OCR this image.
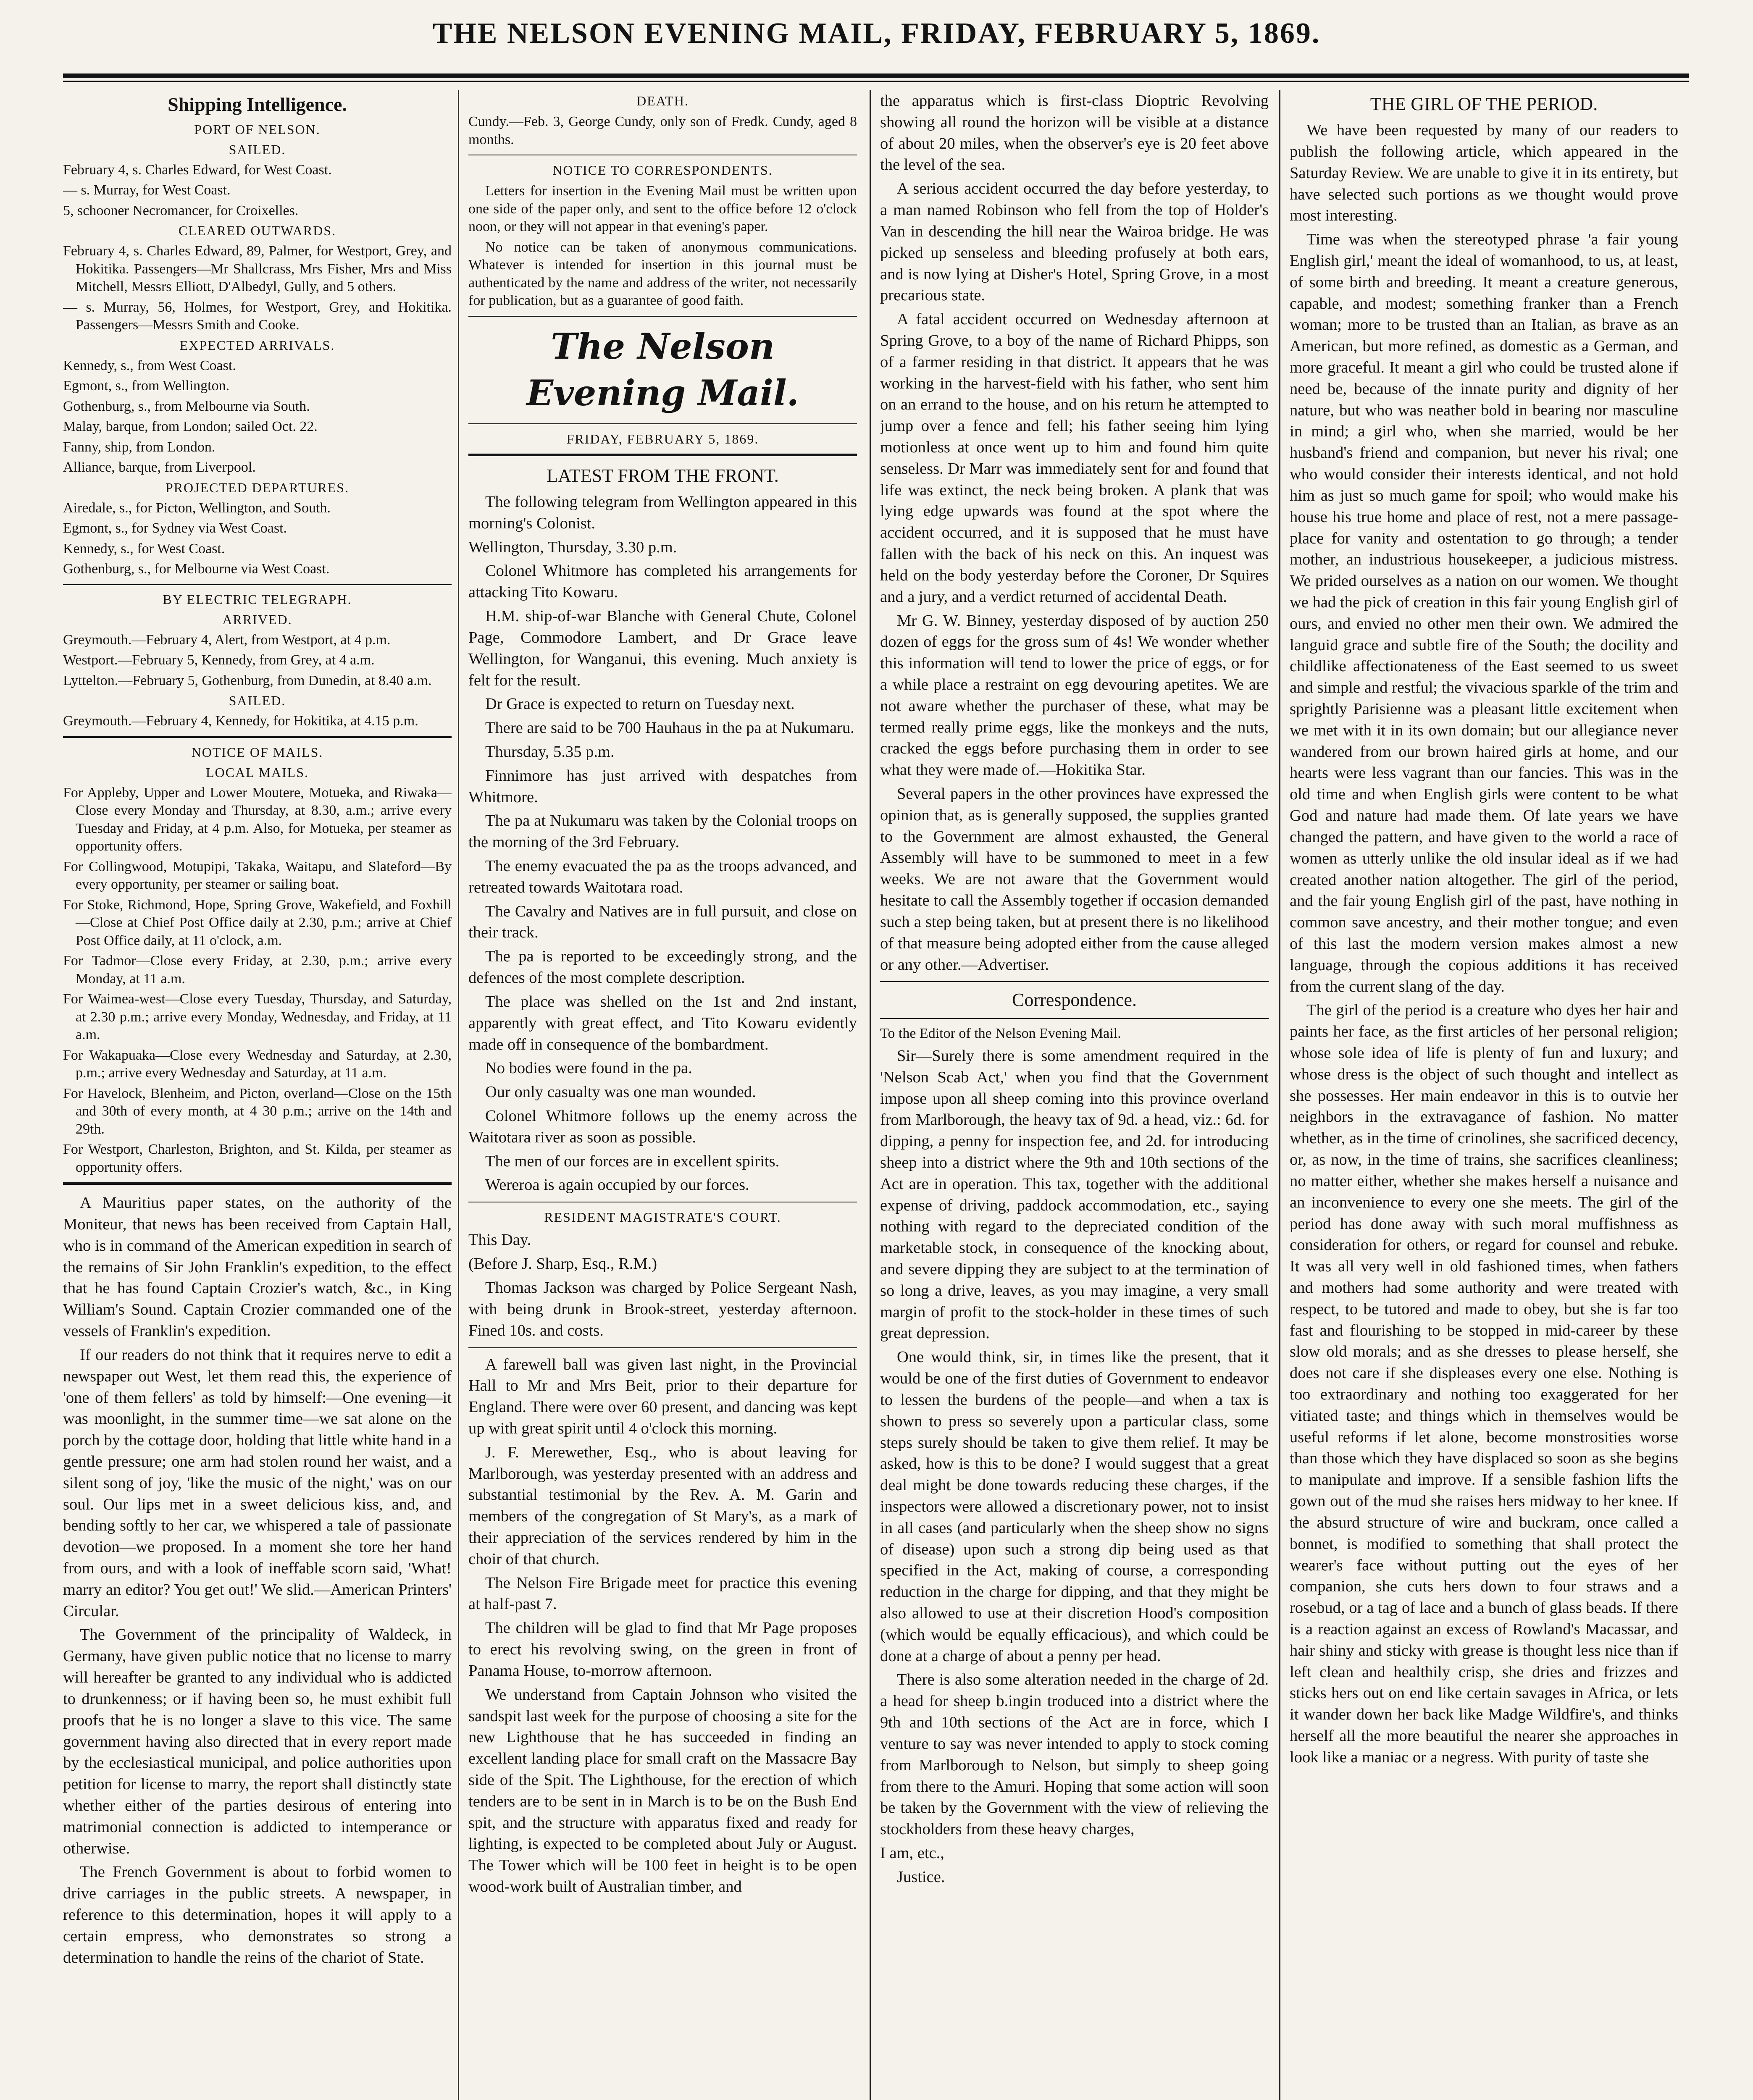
THE NELSON EVENING MAIL, FRIDAY, FEBRUARY 5, 1869.
Shipping Intelligence.
PORT OF NELSON.
SAILED.
February 4, s. Charles Edward, for West Coast.
— s. Murray, for West Coast.
5, schooner Necromancer, for Croixelles.
CLEARED OUTWARDS.
February 4, s. Charles Edward, 89, Palmer, for Westport, Grey, and Hokitika. Passengers—Mr Shallcrass, Mrs Fisher, Mrs and Miss Mitchell, Messrs Elliott, D'Albedyl, Gully, and 5 others.
— s. Murray, 56, Holmes, for Westport, Grey, and Hokitika. Passengers—Messrs Smith and Cooke.
EXPECTED ARRIVALS.
Kennedy, s., from West Coast.
Egmont, s., from Wellington.
Gothenburg, s., from Melbourne via South.
Malay, barque, from London; sailed Oct. 22.
Fanny, ship, from London.
Alliance, barque, from Liverpool.
PROJECTED DEPARTURES.
Airedale, s., for Picton, Wellington, and South.
Egmont, s., for Sydney via West Coast.
Kennedy, s., for West Coast.
Gothenburg, s., for Melbourne via West Coast.
BY ELECTRIC TELEGRAPH.
ARRIVED.
Greymouth.—February 4, Alert, from Westport, at 4 p.m.
Westport.—February 5, Kennedy, from Grey, at 4 a.m.
Lyttelton.—February 5, Gothenburg, from Dunedin, at 8.40 a.m.
SAILED.
Greymouth.—February 4, Kennedy, for Hokitika, at 4.15 p.m.
NOTICE OF MAILS.
LOCAL MAILS.
For Appleby, Upper and Lower Moutere, Motueka, and Riwaka—Close every Monday and Thursday, at 8.30, a.m.; arrive every Tuesday and Friday, at 4 p.m. Also, for Motueka, per steamer as opportunity offers.
For Collingwood, Motupipi, Takaka, Waitapu, and Slateford—By every opportunity, per steamer or sailing boat.
For Stoke, Richmond, Hope, Spring Grove, Wakefield, and Foxhill—Close at Chief Post Office daily at 2.30, p.m.; arrive at Chief Post Office daily, at 11 o'clock, a.m.
For Tadmor—Close every Friday, at 2.30, p.m.; arrive every Monday, at 11 a.m.
For Waimea-west—Close every Tuesday, Thursday, and Saturday, at 2.30 p.m.; arrive every Monday, Wednesday, and Friday, at 11 a.m.
For Wakapuaka—Close every Wednesday and Saturday, at 2.30, p.m.; arrive every Wednesday and Saturday, at 11 a.m.
For Havelock, Blenheim, and Picton, overland—Close on the 15th and 30th of every month, at 4 30 p.m.; arrive on the 14th and 29th.
For Westport, Charleston, Brighton, and St. Kilda, per steamer as opportunity offers.

A Mauritius paper states, on the authority of the Moniteur, that news has been received from Captain Hall, who is in command of the American expedition in search of the remains of Sir John Franklin's expedition, to the effect that he has found Captain Crozier's watch, &c., in King William's Sound. Captain Crozier commanded one of the vessels of Franklin's expedition.

If our readers do not think that it requires nerve to edit a newspaper out West, let them read this, the experience of 'one of them fellers' as told by himself:—One evening—it was moonlight, in the summer time—we sat alone on the porch by the cottage door, holding that little white hand in a gentle pressure; one arm had stolen round her waist, and a silent song of joy, 'like the music of the night,' was on our soul. Our lips met in a sweet delicious kiss, and, and bending softly to her car, we whispered a tale of passionate devotion—we proposed. In a moment she tore her hand from ours, and with a look of ineffable scorn said, 'What! marry an editor? You get out!' We slid.—American Printers' Circular.

The Government of the principality of Waldeck, in Germany, have given public notice that no license to marry will hereafter be granted to any individual who is addicted to drunkenness; or if having been so, he must exhibit full proofs that he is no longer a slave to this vice. The same government having also directed that in every report made by the ecclesiastical municipal, and police authorities upon petition for license to marry, the report shall distinctly state whether either of the parties desirous of entering into matrimonial connection is addicted to intemperance or otherwise.

The French Government is about to forbid women to drive carriages in the public streets. A newspaper, in reference to this determination, hopes it will apply to a certain empress, who demonstrates so strong a determination to handle the reins of the chariot of State.

DEATH.

Cundy.—Feb. 3, George Cundy, only son of Fredk. Cundy, aged 8 months.

NOTICE TO CORRESPONDENTS.

Letters for insertion in the Evening Mail must be written upon one side of the paper only, and sent to the office before 12 o'clock noon, or they will not appear in that evening's paper.

No notice can be taken of anonymous communications. Whatever is intended for insertion in this journal must be authenticated by the name and address of the writer, not necessarily for publication, but as a guarantee of good faith.

The Nelson Evening Mail.
FRIDAY, FEBRUARY 5, 1869.
LATEST FROM THE FRONT.

The following telegram from Wellington appeared in this morning's Colonist.

Wellington, Thursday, 3.30 p.m.

Colonel Whitmore has completed his arrangements for attacking Tito Kowaru.

H.M. ship-of-war Blanche with General Chute, Colonel Page, Commodore Lambert, and Dr Grace leave Wellington, for Wanganui, this evening. Much anxiety is felt for the result.

Dr Grace is expected to return on Tuesday next.

There are said to be 700 Hauhaus in the pa at Nukumaru.

Thursday, 5.35 p.m.

Finnimore has just arrived with despatches from Whitmore.

The pa at Nukumaru was taken by the Colonial troops on the morning of the 3rd February.

The enemy evacuated the pa as the troops advanced, and retreated towards Waitotara road.

The Cavalry and Natives are in full pursuit, and close on their track.

The pa is reported to be exceedingly strong, and the defences of the most complete description.

The place was shelled on the 1st and 2nd instant, apparently with great effect, and Tito Kowaru evidently made off in consequence of the bombardment.

No bodies were found in the pa.

Our only casualty was one man wounded.

Colonel Whitmore follows up the enemy across the Waitotara river as soon as possible.

The men of our forces are in excellent spirits.

Wereroa is again occupied by our forces.

RESIDENT MAGISTRATE'S COURT.

This Day.

(Before J. Sharp, Esq., R.M.)

Thomas Jackson was charged by Police Sergeant Nash, with being drunk in Brook-street, yesterday afternoon. Fined 10s. and costs.

A farewell ball was given last night, in the Provincial Hall to Mr and Mrs Beit, prior to their departure for England. There were over 60 present, and dancing was kept up with great spirit until 4 o'clock this morning.

J. F. Merewether, Esq., who is about leaving for Marlborough, was yesterday presented with an address and substantial testimonial by the Rev. A. M. Garin and members of the congregation of St Mary's, as a mark of their appreciation of the services rendered by him in the choir of that church.

The Nelson Fire Brigade meet for practice this evening at half-past 7.

The children will be glad to find that Mr Page proposes to erect his revolving swing, on the green in front of Panama House, to-morrow afternoon.

We understand from Captain Johnson who visited the sandspit last week for the purpose of choosing a site for the new Lighthouse that he has succeeded in finding an excellent landing place for small craft on the Massacre Bay side of the Spit. The Lighthouse, for the erection of which tenders are to be sent in in March is to be on the Bush End spit, and the structure with apparatus fixed and ready for lighting, is expected to be completed about July or August. The Tower which will be 100 feet in height is to be open wood-work built of Australian timber, and

the apparatus which is first-class Dioptric Revolving showing all round the horizon will be visible at a distance of about 20 miles, when the observer's eye is 20 feet above the level of the sea.

A serious accident occurred the day before yesterday, to a man named Robinson who fell from the top of Holder's Van in descending the hill near the Wairoa bridge. He was picked up senseless and bleeding profusely at both ears, and is now lying at Disher's Hotel, Spring Grove, in a most precarious state.

A fatal accident occurred on Wednesday afternoon at Spring Grove, to a boy of the name of Richard Phipps, son of a farmer residing in that district. It appears that he was working in the harvest-field with his father, who sent him on an errand to the house, and on his return he attempted to jump over a fence and fell; his father seeing him lying motionless at once went up to him and found him quite senseless. Dr Marr was immediately sent for and found that life was extinct, the neck being broken. A plank that was lying edge upwards was found at the spot where the accident occurred, and it is supposed that he must have fallen with the back of his neck on this. An inquest was held on the body yesterday before the Coroner, Dr Squires and a jury, and a verdict returned of accidental Death.

Mr G. W. Binney, yesterday disposed of by auction 250 dozen of eggs for the gross sum of 4s! We wonder whether this information will tend to lower the price of eggs, or for a while place a restraint on egg devouring apetites. We are not aware whether the purchaser of these, what may be termed really prime eggs, like the monkeys and the nuts, cracked the eggs before purchasing them in order to see what they were made of.—Hokitika Star.

Several papers in the other provinces have expressed the opinion that, as is generally supposed, the supplies granted to the Government are almost exhausted, the General Assembly will have to be summoned to meet in a few weeks. We are not aware that the Government would hesitate to call the Assembly together if occasion demanded such a step being taken, but at present there is no likelihood of that measure being adopted either from the cause alleged or any other.—Advertiser.

Correspondence.

To the Editor of the Nelson Evening Mail.

Sir—Surely there is some amendment required in the 'Nelson Scab Act,' when you find that the Government impose upon all sheep coming into this province overland from Marlborough, the heavy tax of 9d. a head, viz.: 6d. for dipping, a penny for inspection fee, and 2d. for introducing sheep into a district where the 9th and 10th sections of the Act are in operation. This tax, together with the additional expense of driving, paddock accommodation, etc., saying nothing with regard to the depreciated condition of the marketable stock, in consequence of the knocking about, and severe dipping they are subject to at the termination of so long a drive, leaves, as you may imagine, a very small margin of profit to the stock-holder in these times of such great depression.

One would think, sir, in times like the present, that it would be one of the first duties of Government to endeavor to lessen the burdens of the people—and when a tax is shown to press so severely upon a particular class, some steps surely should be taken to give them relief. It may be asked, how is this to be done? I would suggest that a great deal might be done towards reducing these charges, if the inspectors were allowed a discretionary power, not to insist in all cases (and particularly when the sheep show no signs of disease) upon such a strong dip being used as that specified in the Act, making of course, a corresponding reduction in the charge for dipping, and that they might be also allowed to use at their discretion Hood's composition (which would be equally efficacious), and which could be done at a charge of about a penny per head.

There is also some alteration needed in the charge of 2d. a head for sheep b.ingin troduced into a district where the 9th and 10th sections of the Act are in force, which I venture to say was never intended to apply to stock coming from Marlborough to Nelson, but simply to sheep going from there to the Amuri. Hoping that some action will soon be taken by the Government with the view of relieving the stockholders from these heavy charges,

I am, etc.,

Justice.

THE GIRL OF THE PERIOD.

We have been requested by many of our readers to publish the following article, which appeared in the Saturday Review. We are unable to give it in its entirety, but have selected such portions as we thought would prove most interesting.

Time was when the stereotyped phrase 'a fair young English girl,' meant the ideal of womanhood, to us, at least, of some birth and breeding. It meant a creature generous, capable, and modest; something franker than a French woman; more to be trusted than an Italian, as brave as an American, but more refined, as domestic as a German, and more graceful. It meant a girl who could be trusted alone if need be, because of the innate purity and dignity of her nature, but who was neather bold in bearing nor masculine in mind; a girl who, when she married, would be her husband's friend and companion, but never his rival; one who would consider their interests identical, and not hold him as just so much game for spoil; who would make his house his true home and place of rest, not a mere passage-place for vanity and ostentation to go through; a tender mother, an industrious housekeeper, a judicious mistress. We prided ourselves as a nation on our women. We thought we had the pick of creation in this fair young English girl of ours, and envied no other men their own. We admired the languid grace and subtle fire of the South; the docility and childlike affectionateness of the East seemed to us sweet and simple and restful; the vivacious sparkle of the trim and sprightly Parisienne was a pleasant little excitement when we met with it in its own domain; but our allegiance never wandered from our brown haired girls at home, and our hearts were less vagrant than our fancies. This was in the old time and when English girls were content to be what God and nature had made them. Of late years we have changed the pattern, and have given to the world a race of women as utterly unlike the old insular ideal as if we had created another nation altogether. The girl of the period, and the fair young English girl of the past, have nothing in common save ancestry, and their mother tongue; and even of this last the modern version makes almost a new language, through the copious additions it has received from the current slang of the day.

The girl of the period is a creature who dyes her hair and paints her face, as the first articles of her personal religion; whose sole idea of life is plenty of fun and luxury; and whose dress is the object of such thought and intellect as she possesses. Her main endeavor in this is to outvie her neighbors in the extravagance of fashion. No matter whether, as in the time of crinolines, she sacrificed decency, or, as now, in the time of trains, she sacrifices cleanliness; no matter either, whether she makes herself a nuisance and an inconvenience to every one she meets. The girl of the period has done away with such moral muffishness as consideration for others, or regard for counsel and rebuke. It was all very well in old fashioned times, when fathers and mothers had some authority and were treated with respect, to be tutored and made to obey, but she is far too fast and flourishing to be stopped in mid-career by these slow old morals; and as she dresses to please herself, she does not care if she displeases every one else. Nothing is too extraordinary and nothing too exaggerated for her vitiated taste; and things which in themselves would be useful reforms if let alone, become monstrosities worse than those which they have displaced so soon as she begins to manipulate and improve. If a sensible fashion lifts the gown out of the mud she raises hers midway to her knee. If the absurd structure of wire and buckram, once called a bonnet, is modified to something that shall protect the wearer's face without putting out the eyes of her companion, she cuts hers down to four straws and a rosebud, or a tag of lace and a bunch of glass beads. If there is a reaction against an excess of Rowland's Macassar, and hair shiny and sticky with grease is thought less nice than if left clean and healthily crisp, she dries and frizzes and sticks hers out on end like certain savages in Africa, or lets it wander down her back like Madge Wildfire's, and thinks herself all the more beautiful the nearer she approaches in look like a maniac or a negress. With purity of taste she
